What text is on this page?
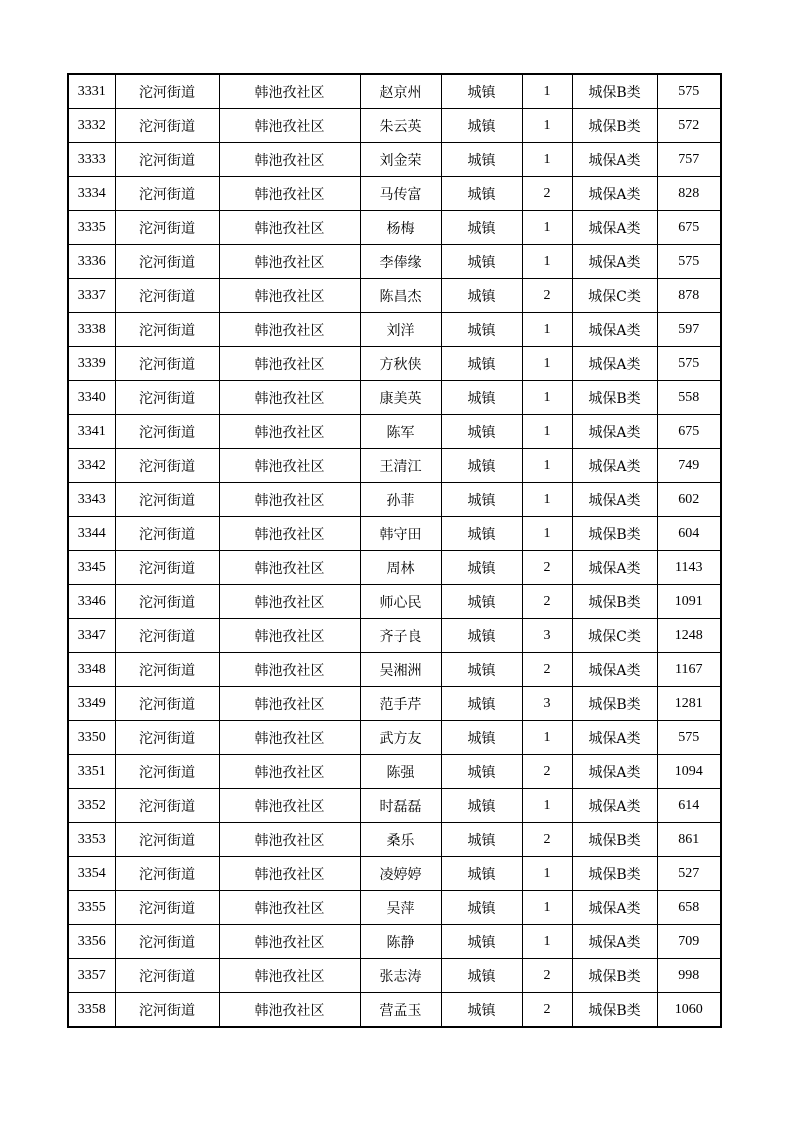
3331	沱河街道	韩池孜社区	赵京州	城镇	1	城保B类	575
3332	沱河街道	韩池孜社区	朱云英	城镇	1	城保B类	572
3333	沱河街道	韩池孜社区	刘金荣	城镇	1	城保A类	757
3334	沱河街道	韩池孜社区	马传富	城镇	2	城保A类	828
3335	沱河街道	韩池孜社区	杨梅	城镇	1	城保A类	675
3336	沱河街道	韩池孜社区	李俸缘	城镇	1	城保A类	575
3337	沱河街道	韩池孜社区	陈昌杰	城镇	2	城保C类	878
3338	沱河街道	韩池孜社区	刘洋	城镇	1	城保A类	597
3339	沱河街道	韩池孜社区	方秋侠	城镇	1	城保A类	575
3340	沱河街道	韩池孜社区	康美英	城镇	1	城保B类	558
3341	沱河街道	韩池孜社区	陈军	城镇	1	城保A类	675
3342	沱河街道	韩池孜社区	王清江	城镇	1	城保A类	749
3343	沱河街道	韩池孜社区	孙菲	城镇	1	城保A类	602
3344	沱河街道	韩池孜社区	韩守田	城镇	1	城保B类	604
3345	沱河街道	韩池孜社区	周林	城镇	2	城保A类	1143
3346	沱河街道	韩池孜社区	师心民	城镇	2	城保B类	1091
3347	沱河街道	韩池孜社区	齐子良	城镇	3	城保C类	1248
3348	沱河街道	韩池孜社区	吴湘洲	城镇	2	城保A类	1167
3349	沱河街道	韩池孜社区	范手芹	城镇	3	城保B类	1281
3350	沱河街道	韩池孜社区	武方友	城镇	1	城保A类	575
3351	沱河街道	韩池孜社区	陈强	城镇	2	城保A类	1094
3352	沱河街道	韩池孜社区	时磊磊	城镇	1	城保A类	614
3353	沱河街道	韩池孜社区	桑乐	城镇	2	城保B类	861
3354	沱河街道	韩池孜社区	凌婷婷	城镇	1	城保B类	527
3355	沱河街道	韩池孜社区	吴萍	城镇	1	城保A类	658
3356	沱河街道	韩池孜社区	陈静	城镇	1	城保A类	709
3357	沱河街道	韩池孜社区	张志涛	城镇	2	城保B类	998
3358	沱河街道	韩池孜社区	营孟玉	城镇	2	城保B类	1060
